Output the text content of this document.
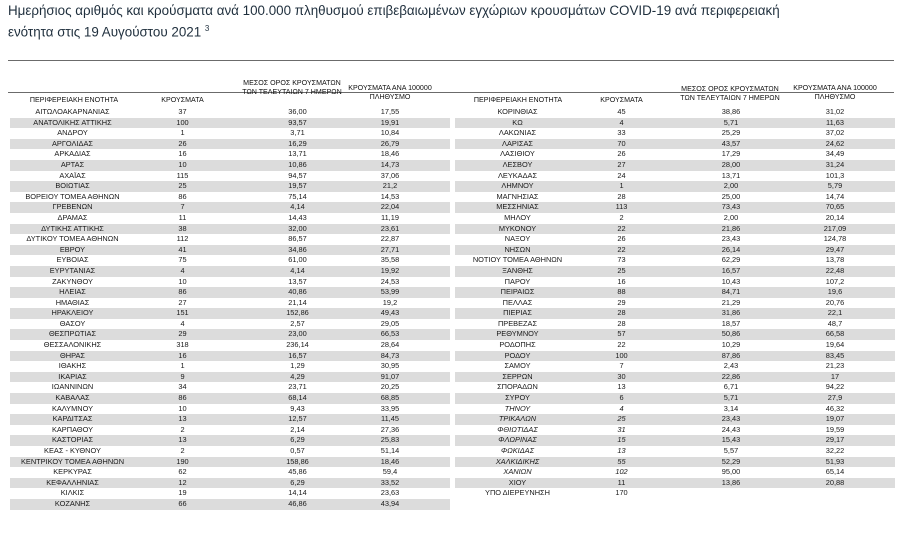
Ημερήσιος αριθμός και κρούσματα ανά 100.000 πληθυσμού επιβεβαιωμένων εγχώριων κρουσμάτων COVID-19 ανά περιφερειακή
ενότητα στις 19 Αυγούστου 2021 $^3$
ΠΕΡΙΦΕΡΕΙΑΚΗ ΕΝΟΤΗΤΑ	ΚΡΟΥΣΜΑΤΑ
ΜΕΣΟΣ ΟΡΟΣ ΚΡΟΥΣΜΑΤΩΝ
ΤΩΝ ΤΕΛΕΥΤΑΙΩΝ 7 ΗΜΕΡΩΝ ΚΡΟΥΣΜΑΤΑ ΑΝΑ 100000
ΠΛΗΘΥΣΜΟ	ΠΕΡΙΦΕΡΕΙΑΚΗ ΕΝΟΤΗΤΑ	ΚΡΟΥΣΜΑΤΑ
ΜΕΣΟΣ ΟΡΟΣ ΚΡΟΥΣΜΑΤΩΝ
ΤΩΝ ΤΕΛΕΥΤΑΙΩΝ 7 ΗΜΕΡΩΝ
ΚΡΟΥΣΜΑΤΑ ΑΝΑ 100000
ΠΛΗΘΥΣΜΟ
ΑΙΤΩΛΟΑΚΑΡΝΑΝΙΑΣ	37	36,00	17,55
ΑΝΑΤΟΛΙΚΗΣ ΑΤΤΙΚΗΣ	100	93,57	19,91
ΑΝΔΡΟΥ	1	3,71	10,84
ΑΡΓΟΛΙΔΑΣ	26	16,29	26,79
ΑΡΚΑΔΙΑΣ	16	13,71	18,46
ΑΡΤΑΣ	10	10,86	14,73
ΑΧΑΪΑΣ	115	94,57	37,06
ΒΟΙΩΤΙΑΣ	25	19,57	21,2
ΒΟΡΕΙΟΥ ΤΟΜΕΑ ΑΘΗΝΩΝ	86	75,14	14,53
ΓΡΕΒΕΝΩΝ	7	4,14	22,04
ΔΡΑΜΑΣ	11	14,43	11,19
ΔΥΤΙΚΗΣ ΑΤΤΙΚΗΣ	38	32,00	23,61
ΔΥΤΙΚΟΥ ΤΟΜΕΑ ΑΘΗΝΩΝ	112	86,57	22,87
ΕΒΡΟΥ	41	34,86	27,71
ΕΥΒΟΙΑΣ	75	61,00	35,58
ΕΥΡΥΤΑΝΙΑΣ	4	4,14	19,92
ΖΑΚΥΝΘΟΥ	10	13,57	24,53
ΗΛΕΙΑΣ	86	40,86	53,99
ΗΜΑΘΙΑΣ	27	21,14	19,2
ΗΡΑΚΛΕΙΟΥ	151	152,86	49,43
ΘΑΣΟΥ	4	2,57	29,05
ΘΕΣΠΡΩΤΙΑΣ	29	23,00	66,53
ΘΕΣΣΑΛΟΝΙΚΗΣ	318	236,14	28,64
ΘΗΡΑΣ	16	16,57	84,73
ΙΘΑΚΗΣ	1	1,29	30,95
ΙΚΑΡΙΑΣ	9	4,29	91,07
ΙΩΑΝΝΙΝΩΝ	34	23,71	20,25
ΚΑΒΑΛΑΣ	86	68,14	68,85
ΚΑΛΥΜΝΟΥ	10	9,43	33,95
ΚΑΡΔΙΤΣΑΣ	13	12,57	11,45
ΚΑΡΠΑΘΟΥ	2	2,14	27,36
ΚΑΣΤΟΡΙΑΣ	13	6,29	25,83
ΚΕΑΣ - ΚΥΘΝΟΥ	2	0,57	51,14
ΚΕΝΤΡΙΚΟΥ ΤΟΜΕΑ ΑΘΗΝΩΝ	190	158,86	18,46
ΚΕΡΚΥΡΑΣ	62	45,86	59,4
ΚΕΦΑΛΛΗΝΙΑΣ	12	6,29	33,52
ΚΙΛΚΙΣ	19	14,14	23,63
ΚΟΖΑΝΗΣ	66	46,86	43,94
ΚΟΡΙΝΘΙΑΣ	45	38,86	31,02
ΚΩ	4	5,71	11,63
ΛΑΚΩΝΙΑΣ	33	25,29	37,02
ΛΑΡΙΣΑΣ	70	43,57	24,62
ΛΑΣΙΘΙΟΥ	26	17,29	34,49
ΛΕΣΒΟΥ	27	28,00	31,24
ΛΕΥΚΑΔΑΣ	24	13,71	101,3
ΛΗΜΝΟΥ	1	2,00	5,79
ΜΑΓΝΗΣΙΑΣ	28	25,00	14,74
ΜΕΣΣΗΝΙΑΣ	113	73,43	70,65
ΜΗΛΟΥ	2	2,00	20,14
ΜΥΚΟΝΟΥ	22	21,86	217,09
ΝΑΞΟΥ	26	23,43	124,78
ΝΗΣΩΝ	22	26,14	29,47
ΝΟΤΙΟΥ ΤΟΜΕΑ ΑΘΗΝΩΝ	73	62,29	13,78
ΞΑΝΘΗΣ	25	16,57	22,48
ΠΑΡΟΥ	16	10,43	107,2
ΠΕΙΡΑΙΩΣ	88	84,71	19,6
ΠΕΛΛΑΣ	29	21,29	20,76
ΠΙΕΡΙΑΣ	28	31,86	22,1
ΠΡΕΒΕΖΑΣ	28	18,57	48,7
ΡΕΘΥΜΝΟΥ	57	50,86	66,58
ΡΟΔΟΠΗΣ	22	10,29	19,64
ΡΟΔΟΥ	100	87,86	83,45
ΣΑΜΟΥ	7	2,43	21,23
ΣΕΡΡΩΝ	30	22,86	17
ΣΠΟΡΑΔΩΝ	13	6,71	94,22
ΣΥΡΟΥ	6	5,71	27,9
ΤΗΝΟΥ	4	3,14	46,32
ΤΡΙΚΑΛΩΝ	25	23,43	19,07
ΦΘΙΩΤΙΔΑΣ	31	24,43	19,59
ΦΛΩΡΙΝΑΣ	15	15,43	29,17
ΦΩΚΙΔΑΣ	13	5,57	32,22
ΧΑΛΚΙΔΙΚΗΣ	55	52,29	51,93
ΧΑΝΙΩΝ	102	95,00	65,14
ΧΙΟΥ	11	13,86	20,88
ΥΠΟ ΔΙΕΡΕΥΝΗΣΗ	170
